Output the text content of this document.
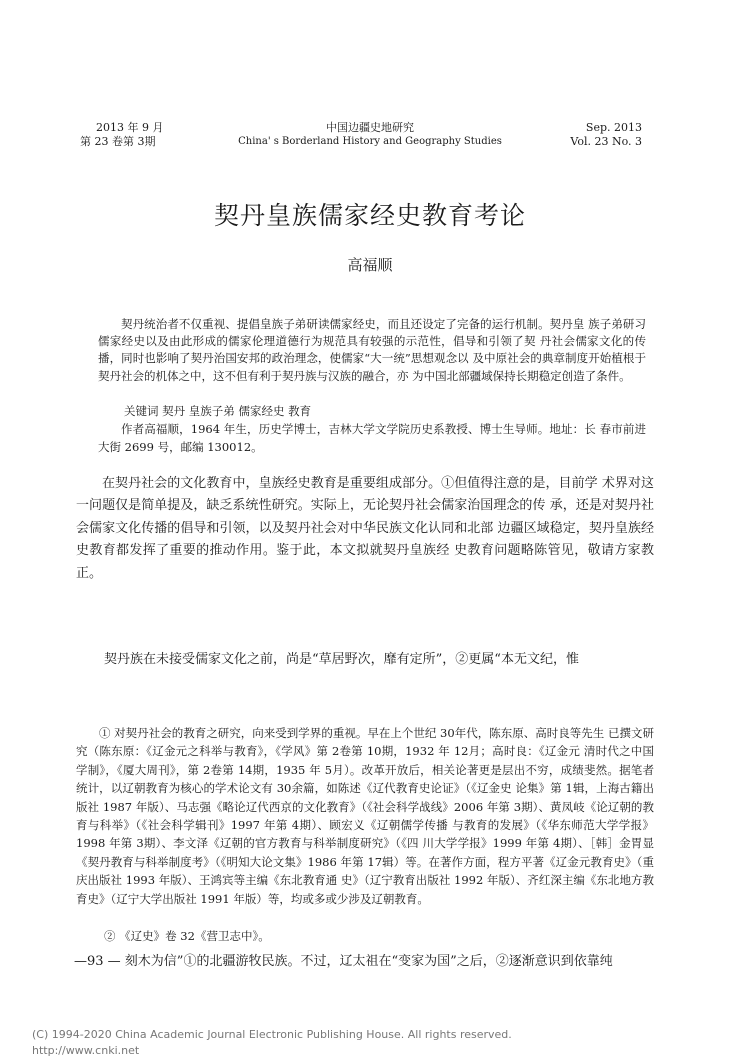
2013 年 9 月
第 23 卷第 3期
中国边疆史地研究
China' s Borderland History and Geography Studies
Sep. 2013
Vol. 23 No. 3
契丹皇族儒家经史教育考论
高福顺
契丹统治者不仅重视、提倡皇族子弟研读儒家经史，而且还设定了完备的运行机制。契丹皇 族子弟研习儒家经史以及由此形成的儒家伦理道德行为规范具有较强的示范性，倡导和引领了契 丹社会儒家文化的传播，同时也影响了契丹治国安邦的政治理念，使儒家“大一统”思想观念以 及中原社会的典章制度开始植根于契丹社会的机体之中，这不但有利于契丹族与汉族的融合，亦 为中国北部疆域保持长期稳定创造了条件。
关键词 契丹 皇族子弟 儒家经史 教育
作者高福顺，1964 年生，历史学博士，吉林大学文学院历史系教授、博士生导师。地址：长 春市前进大街 2699 号，邮编 130012。
在契丹社会的文化教育中，皇族经史教育是重要组成部分。①但值得注意的是，目前学 术界对这一问题仅是简单提及，缺乏系统性研究。实际上，无论契丹社会儒家治国理念的传 承，还是对契丹社会儒家文化传播的倡导和引领，以及契丹社会对中华民族文化认同和北部 边疆区域稳定，契丹皇族经史教育都发挥了重要的推动作用。鉴于此，本文拟就契丹皇族经 史教育问题略陈管见，敬请方家教正。
契丹族在未接受儒家文化之前，尚是“草居野次，靡有定所”，②更属“本无文纪，惟
① 对契丹社会的教育之研究，向来受到学界的重视。早在上个世纪 30年代，陈东原、高时良等先生 已撰文研究（陈东原：《辽金元之科举与教育》，《学风》第 2卷第 10期，1932 年 12月；高时良：《辽金元 清时代之中国学制》，《厦大周刊》，第 2卷第 14期，1935 年 5月）。改革开放后，相关论著更是层出不穷，成绩斐然。据笔者统计，以辽朝教育为核心的学术论文有 30余篇，如陈述《辽代教育史论证》（《辽金史 论集》第 1辑，上海古籍出版社 1987 年版）、马志强《略论辽代西京的文化教育》（《社会科学战线》2006 年第 3期）、黄凤岐《论辽朝的教育与科举》（《社会科学辑刊》1997 年第 4期）、顾宏义《辽朝儒学传播 与教育的发展》（《华东师范大学学报》1998 年第 3期）、李文泽《辽朝的官方教育与科举制度研究》（《四 川大学学报》1999 年第 4期）、［韩］金胃显《契丹教育与科举制度考》（《明知大论文集》1986 年第 17辑）等。在著作方面，程方平著《辽金元教育史》（重庆出版社 1993 年版）、王鸿宾等主编《东北教育通 史》（辽宁教育出版社 1992 年版）、齐红深主编《东北地方教育史》（辽宁大学出版社 1991 年版）等，均或多或少涉及辽朝教育。
② 《辽史》卷 32《营卫志中》。
—93 — 刻木为信”①的北疆游牧民族。不过，辽太祖在“变家为国”之后，②逐渐意识到依靠纯
(C) 1994-2020 China Academic Journal Electronic Publishing House. All rights reserved.
http://www.cnki.net
